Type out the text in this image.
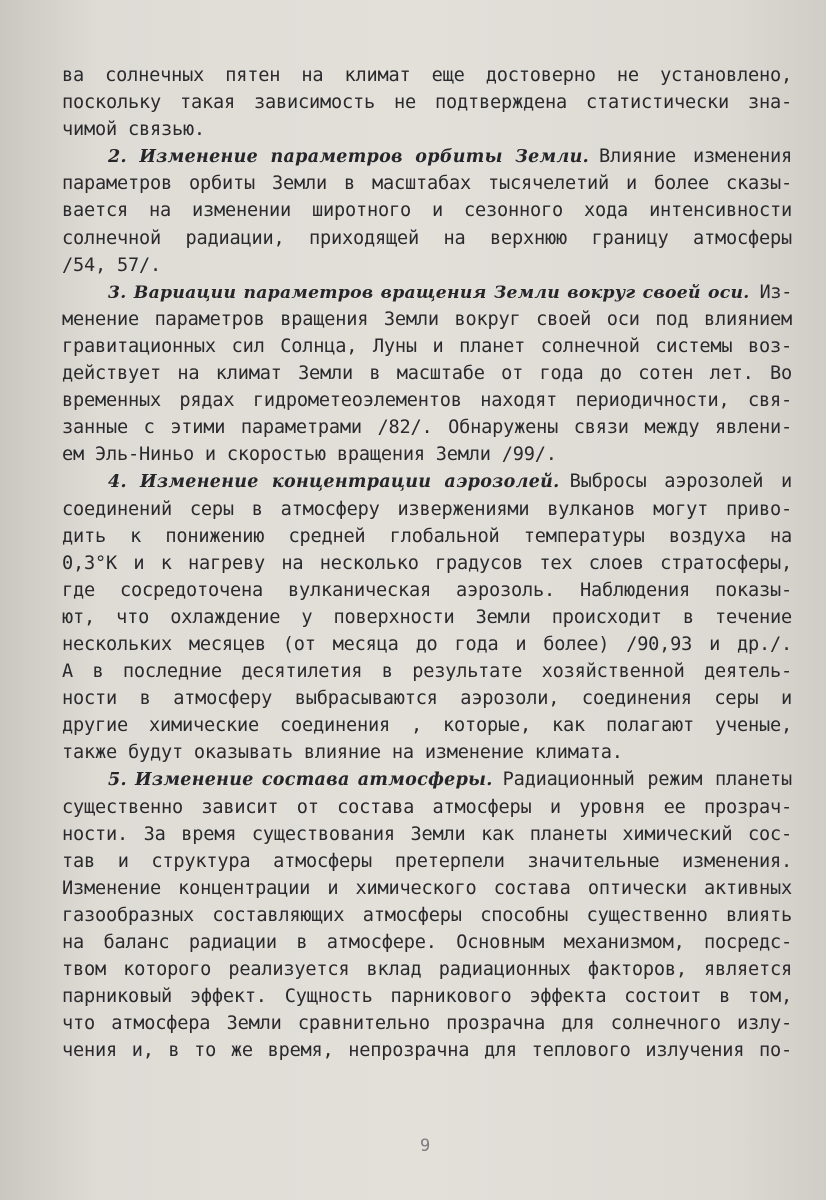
ва солнечных пятен на климат еще достоверно не установлено,
поскольку такая зависимость не подтверждена статистически зна-
чимой связью.
2. Изменение параметров орбиты Земли. Влияние изменения
параметров орбиты Земли в масштабах тысячелетий и более сказы-
вается на изменении широтного и сезонного хода интенсивности
солнечной радиации, приходящей на верхнюю границу атмосферы
/54, 57/.
3. Вариации параметров вращения Земли вокруг своей оси. Из-
менение параметров вращения Земли вокруг своей оси под влиянием
гравитационных сил Солнца, Луны и планет солнечной системы воз-
действует на климат Земли в масштабе от года до сотен лет. Во
временных рядах гидрометеоэлементов находят периодичности, свя-
занные с этими параметрами /82/. Обнаружены связи между явлени-
ем Эль-Ниньо и скоростью вращения Земли /99/.
4. Изменение концентрации аэрозолей. Выбросы аэрозолей и
соединений серы в атмосферу извержениями вулканов могут приво-
дить к понижению средней глобальной температуры воздуха на
0,3°К и к нагреву на несколько градусов тех слоев стратосферы,
где сосредоточена вулканическая аэрозоль. Наблюдения показы-
ют, что охлаждение у поверхности Земли происходит в течение
нескольких месяцев (от месяца до года и более) /90,93 и др./.
А в последние десятилетия в результате хозяйственной деятель-
ности в атмосферу выбрасываются аэрозоли, соединения серы и
другие химические соединения , которые, как полагают ученые,
также будут оказывать влияние на изменение климата.
5. Изменение состава атмосферы. Радиационный режим планеты
существенно зависит от состава атмосферы и уровня ее прозрач-
ности. За время существования Земли как планеты химический сос-
тав и структура атмосферы претерпели значительные изменения.
Изменение концентрации и химического состава оптически активных
газообразных составляющих атмосферы способны существенно влиять
на баланс радиации в атмосфере. Основным механизмом, посредс-
твом которого реализуется вклад радиационных факторов, является
парниковый эффект. Сущность парникового эффекта состоит в том,
что атмосфера Земли сравнительно прозрачна для солнечного излу-
чения и, в то же время, непрозрачна для теплового излучения по-
9
